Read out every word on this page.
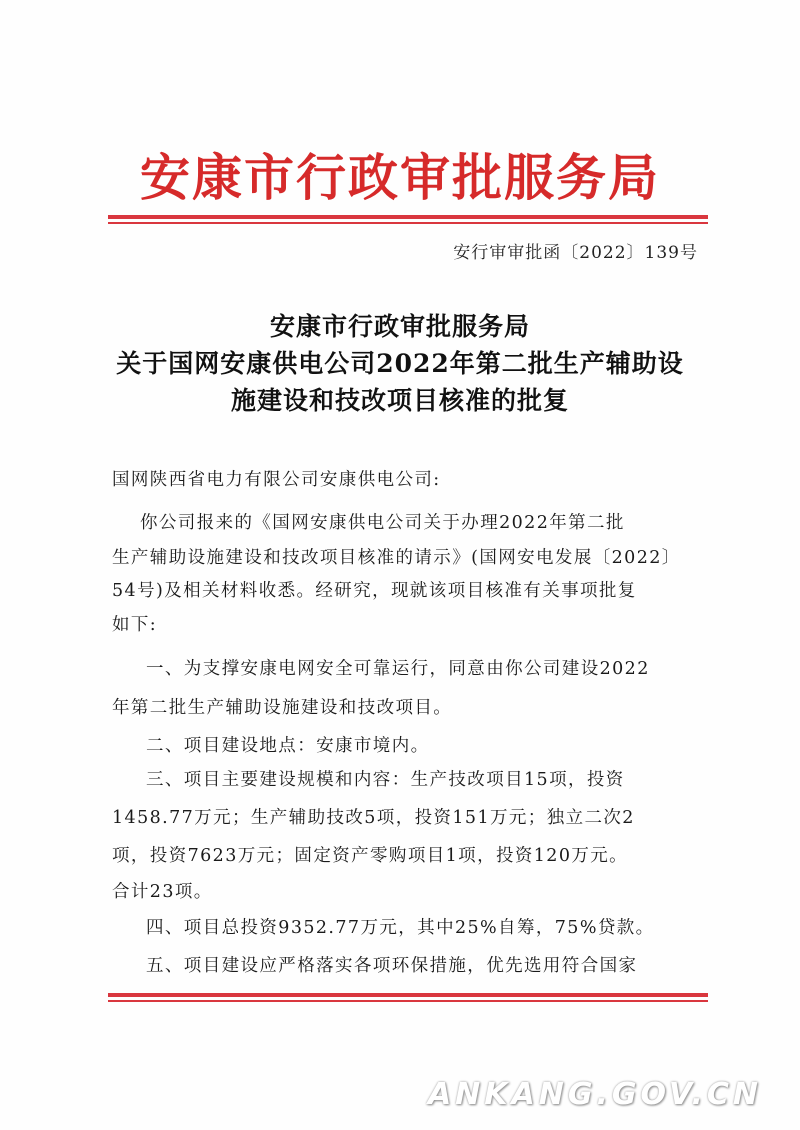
安康市行政审批服务局
安行审审批函〔2022〕139号
安康市行政审批服务局
关于国网安康供电公司2022年第二批生产辅助设
施建设和技改项目核准的批复
国网陕西省电力有限公司安康供电公司:
你公司报来的《国网安康供电公司关于办理2022年第二批
生产辅助设施建设和技改项目核准的请示》(国网安电发展〔2022〕
54号)及相关材料收悉。经研究，现就该项目核准有关事项批复
如下:
一、为支撑安康电网安全可靠运行，同意由你公司建设2022
年第二批生产辅助设施建设和技改项目。
二、项目建设地点：安康市境内。
三、项目主要建设规模和内容：生产技改项目15项，投资
1458.77万元；生产辅助技改5项，投资151万元；独立二次2
项，投资7623万元；固定资产零购项目1项，投资120万元。
合计23项。
四、项目总投资9352.77万元，其中25%自筹，75%贷款。
五、项目建设应严格落实各项环保措施，优先选用符合国家
ANKANG.GOV.CN
